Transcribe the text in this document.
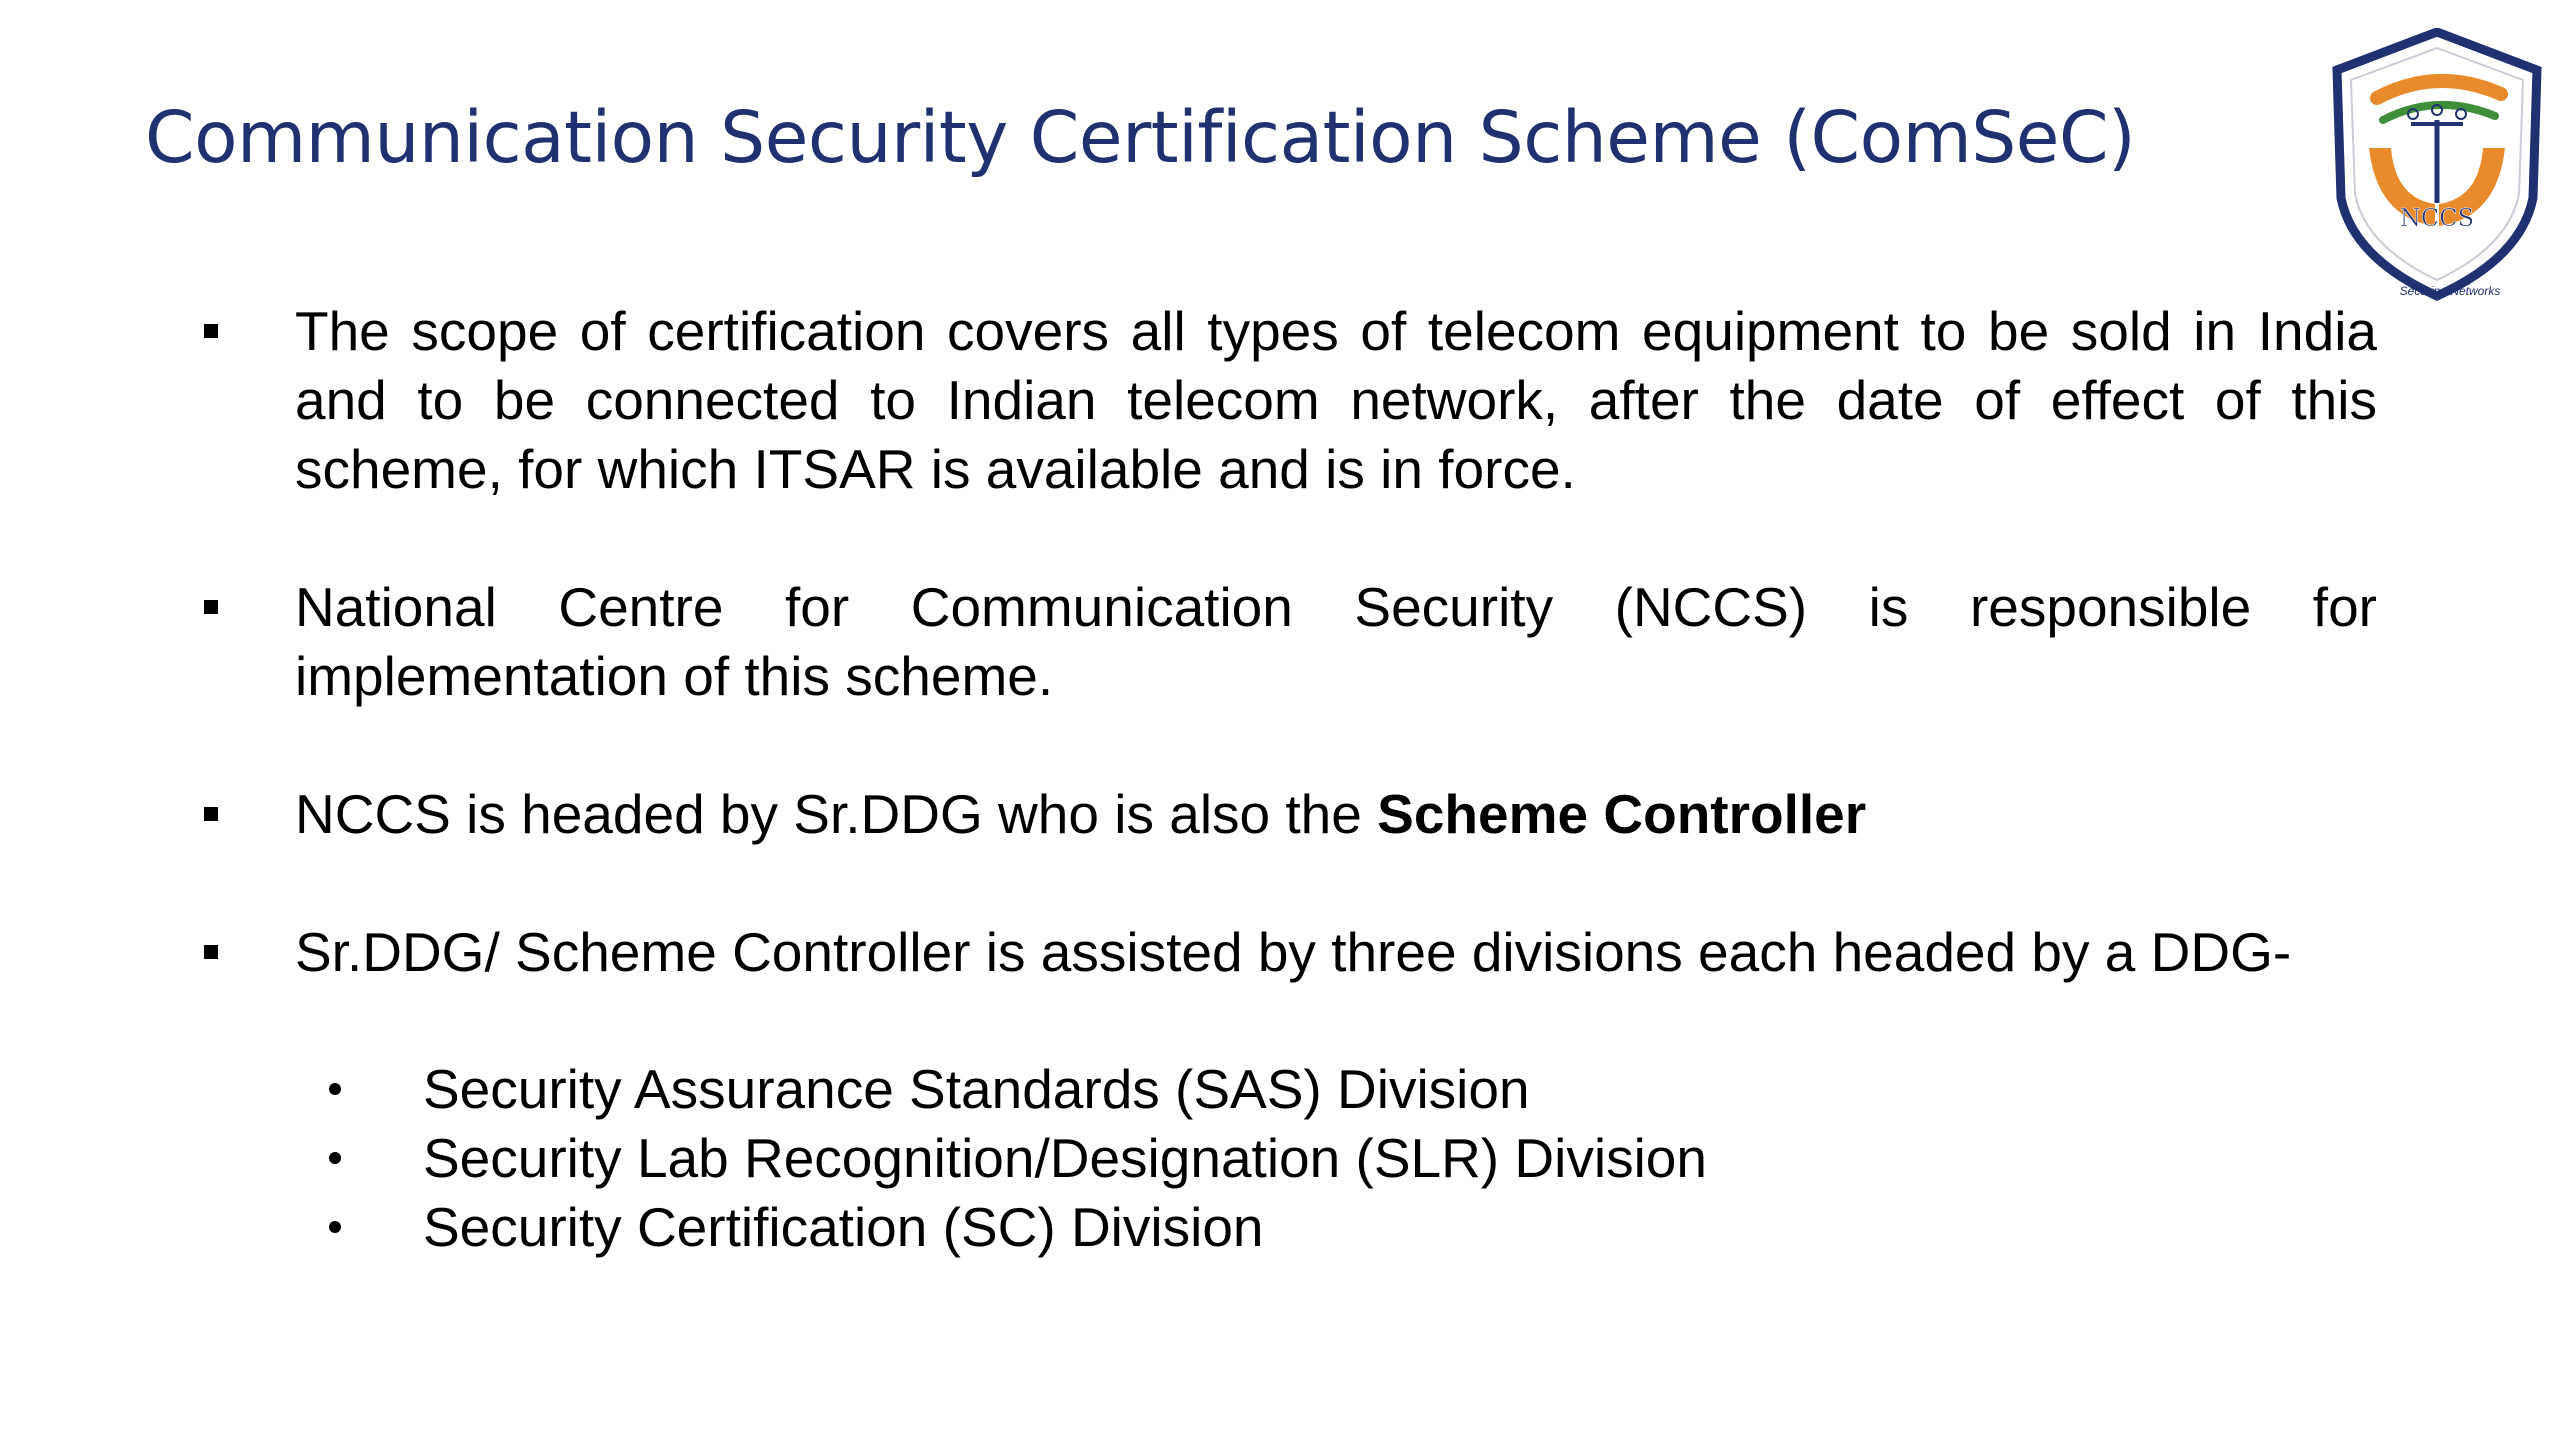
Communication Security Certification Scheme (ComSeC)
NCCS
Securing Networks
The scope of certification covers all types of telecom equipment to be sold in India and to be connected to Indian telecom network, after the date of effect of this scheme, for which ITSAR is available and is in force.
National Centre for Communication Security (NCCS) is responsible for implementation of this scheme.
NCCS is headed by Sr.DDG who is also the Scheme Controller
Sr.DDG/ Scheme Controller is assisted by three divisions each headed by a DDG-
Security Assurance Standards (SAS) Division
Security Lab Recognition/Designation (SLR) Division
Security Certification (SC) Division
